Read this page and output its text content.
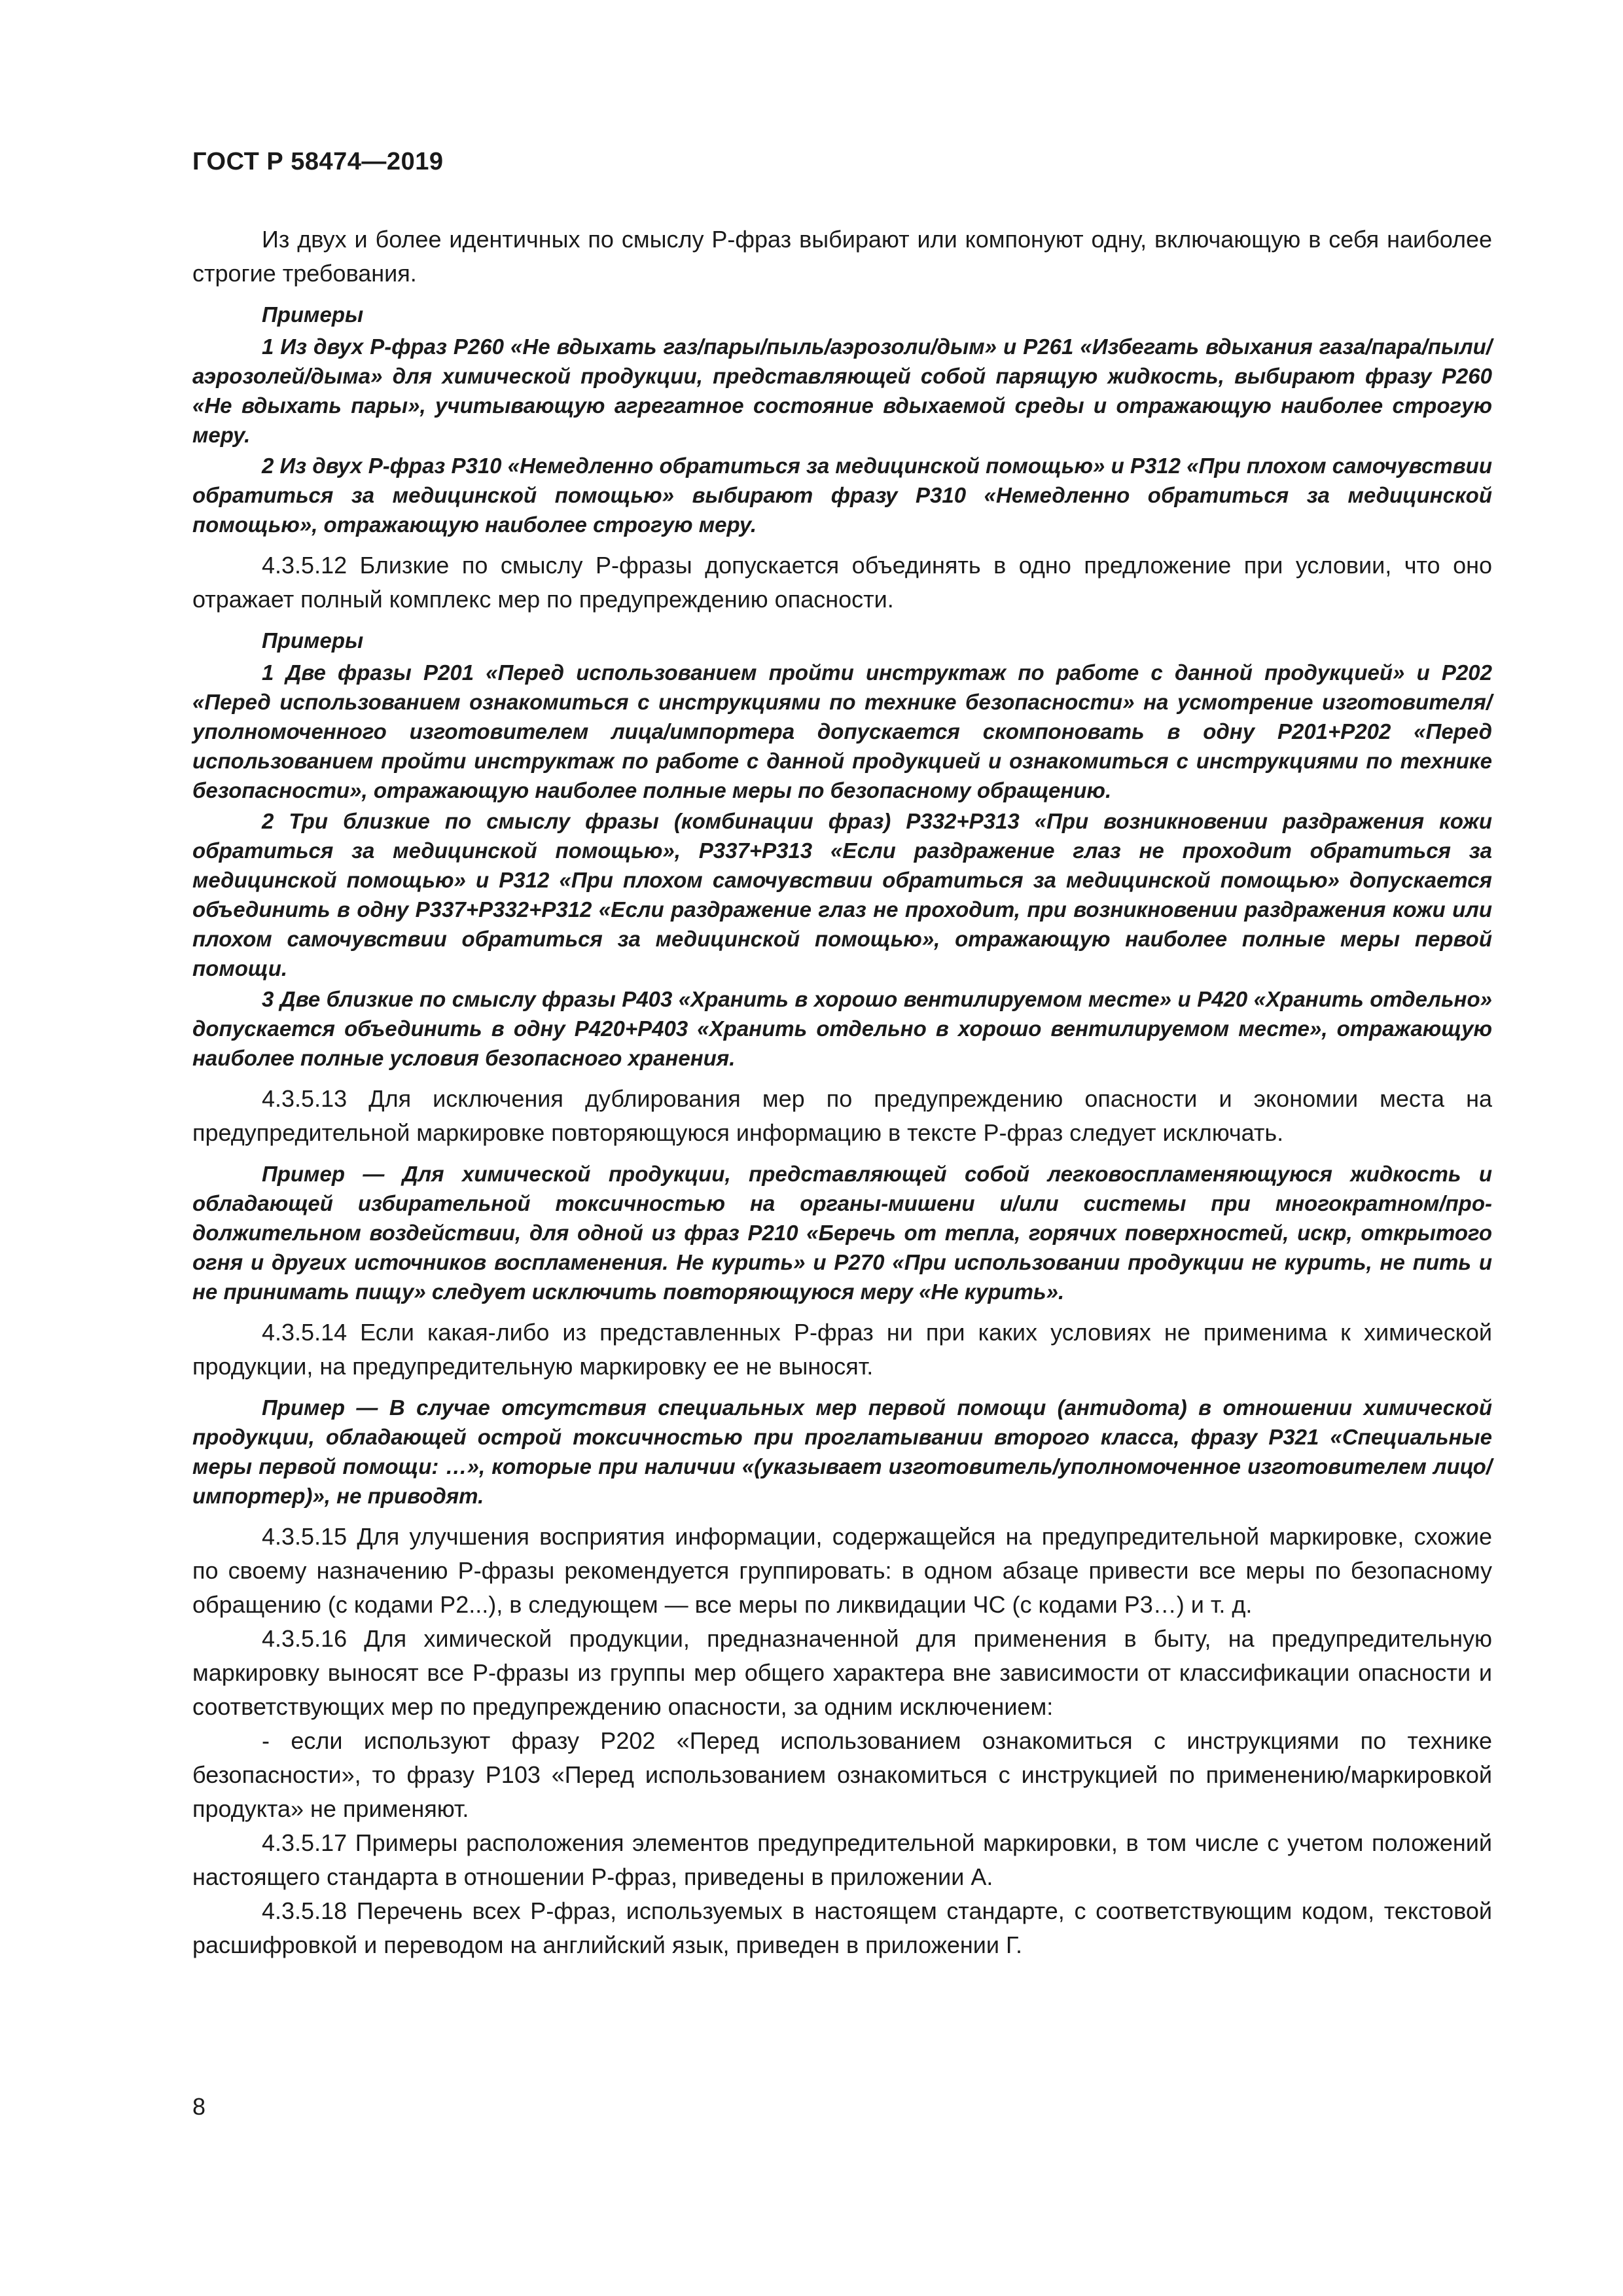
ГОСТ Р 58474—2019

Из двух и более идентичных по смыслу Р-фраз выбирают или компонуют одну, включающую в себя наиболее строгие требования.

Примеры

1 Из двух Р-фраз Р260 «Не вдыхать газ/пары/пыль/аэрозоли/дым» и Р261 «Избегать вдыхания газа/пара/пыли/аэрозолей/дыма» для химической продукции, представляющей собой парящую жидкость, выбирают фразу Р260 «Не вдыхать пары», учитывающую агрегатное состояние вдыхаемой среды и отражающую наиболее строгую меру.

2 Из двух Р-фраз Р310 «Немедленно обратиться за медицинской помощью» и Р312 «При плохом самочувствии обратиться за медицинской помощью» выбирают фразу Р310 «Немедленно обратиться за медицинской помощью», отражающую наиболее строгую меру.

4.3.5.12 Близкие по смыслу Р-фразы допускается объединять в одно предложение при условии, что оно отражает полный комплекс мер по предупреждению опасности.

Примеры

1 Две фразы Р201 «Перед использованием пройти инструктаж по работе с данной продукцией» и Р202 «Перед использованием ознакомиться с инструкциями по технике безопасности» на усмотрение изготовителя/уполномоченного изготовителем лица/импортера допускается скомпоновать в одну Р201+Р202 «Перед использованием пройти инструктаж по работе с данной продукцией и ознакомиться с инструкциями по технике безопасности», отражающую наиболее полные меры по безопасному обращению.

2 Три близкие по смыслу фразы (комбинации фраз) Р332+Р313 «При возникновении раздражения кожи обратиться за медицинской помощью», Р337+Р313 «Если раздражение глаз не проходит обратиться за медицинской помощью» и Р312 «При плохом самочувствии обратиться за медицинской помощью» допускается объединить в одну Р337+Р332+Р312 «Если раздражение глаз не проходит, при возникновении раздражения кожи или плохом самочувствии обратиться за медицинской помощью», отражающую наиболее полные меры первой помощи.

3 Две близкие по смыслу фразы Р403 «Хранить в хорошо вентилируемом месте» и Р420 «Хранить отдельно» допускается объединить в одну Р420+Р403 «Хранить отдельно в хорошо вентилируемом месте», отражающую наиболее полные условия безопасного хранения.

4.3.5.13 Для исключения дублирования мер по предупреждению опасности и экономии места на предупредительной маркировке повторяющуюся информацию в тексте Р-фраз следует исключать.

Пример — Для химической продукции, представляющей собой легковоспламеняющуюся жидкость и обладающей избирательной токсичностью на органы-мишени и/или системы при многократном/продолжительном воздействии, для одной из фраз Р210 «Беречь от тепла, горячих поверхностей, искр, открытого огня и других источников воспламенения. Не курить» и Р270 «При использовании продукции не курить, не пить и не принимать пищу» следует исключить повторяющуюся меру «Не курить».

4.3.5.14 Если какая-либо из представленных Р-фраз ни при каких условиях не применима к химической продукции, на предупредительную маркировку ее не выносят.

Пример — В случае отсутствия специальных мер первой помощи (антидота) в отношении химической продукции, обладающей острой токсичностью при проглатывании второго класса, фразу Р321 «Специальные меры первой помощи: …», которые при наличии «(указывает изготовитель/уполномоченное изготовителем лицо/импортер)», не приводят.

4.3.5.15 Для улучшения восприятия информации, содержащейся на предупредительной маркировке, схожие по своему назначению Р-фразы рекомендуется группировать: в одном абзаце привести все меры по безопасному обращению (с кодами Р2...), в следующем — все меры по ликвидации ЧС (с кодами Р3…) и т. д.

4.3.5.16 Для химической продукции, предназначенной для применения в быту, на предупредительную маркировку выносят все Р-фразы из группы мер общего характера вне зависимости от классификации опасности и соответствующих мер по предупреждению опасности, за одним исключением:

- если используют фразу Р202 «Перед использованием ознакомиться с инструкциями по технике безопасности», то фразу Р103 «Перед использованием ознакомиться с инструкцией по применению/маркировкой продукта» не применяют.

4.3.5.17 Примеры расположения элементов предупредительной маркировки, в том числе с учетом положений настоящего стандарта в отношении Р-фраз, приведены в приложении А.

4.3.5.18 Перечень всех Р-фраз, используемых в настоящем стандарте, с соответствующим кодом, текстовой расшифровкой и переводом на английский язык, приведен в приложении Г.

8
